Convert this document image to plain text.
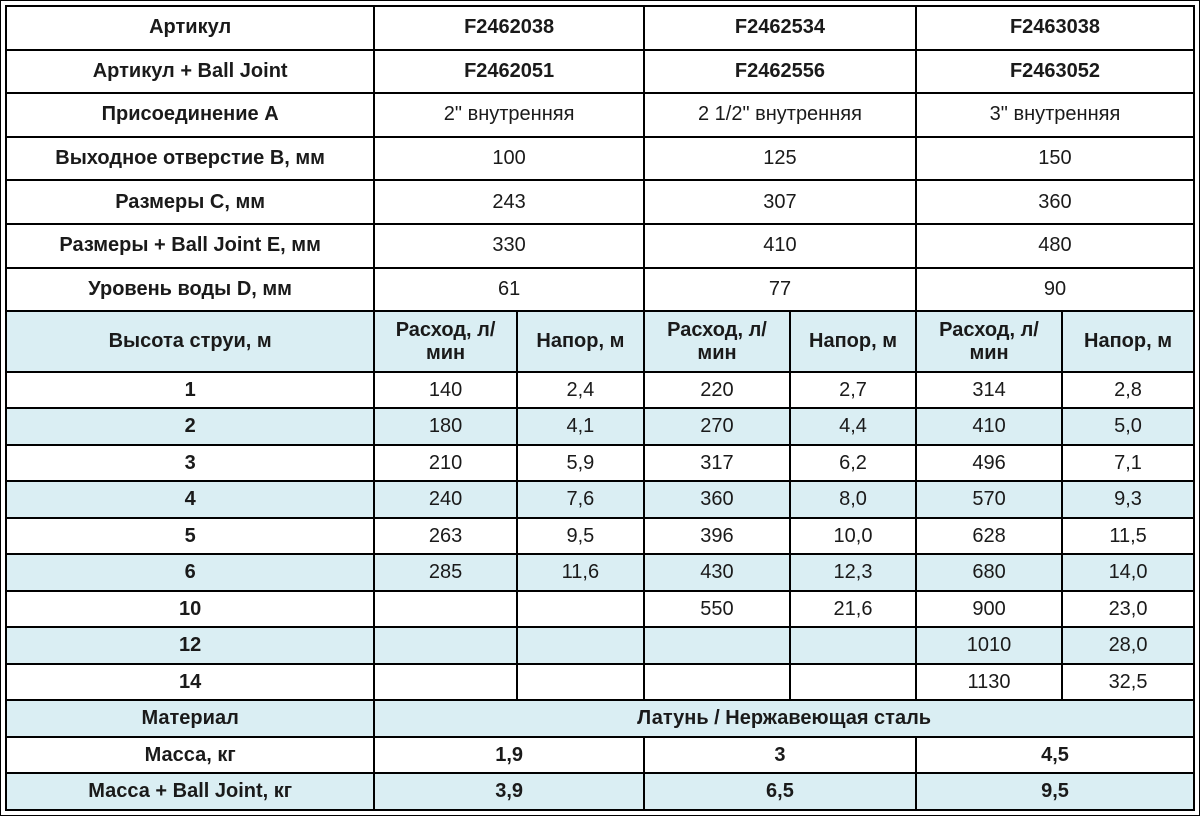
Артикул	F2462038		F2462534		F2463038	
Артикул + Ball Joint	F2462051		F2462556		F2463052	
Присоединение А	2" внутренняя		2 1/2" внутренняя		3" внутренняя	
Выходное отверстие В, мм	100		125		150	
Размеры С, мм	243		307		360	
Размеры + Ball Joint Е, мм	330		410		480	
Уровень воды D, мм	61		77		90	
Высота струи, м	Расход, л/мин	Напор, м	Расход, л/мин	Напор, м	Расход, л/мин	Напор, м
1	140	2,4	220	2,7	314	2,8
2	180	4,1	270	4,4	410	5,0
3	210	5,9	317	6,2	496	7,1
4	240	7,6	360	8,0	570	9,3
5	263	9,5	396	10,0	628	11,5
6	285	11,6	430	12,3	680	14,0
10			550	21,6	900	23,0
12					1010	28,0
14					1130	32,5
Материал	Латунь / Нержавеющая сталь					
Масса, кг	1,9		3		4,5	
Масса + Ball Joint, кг	3,9		6,5		9,5	
